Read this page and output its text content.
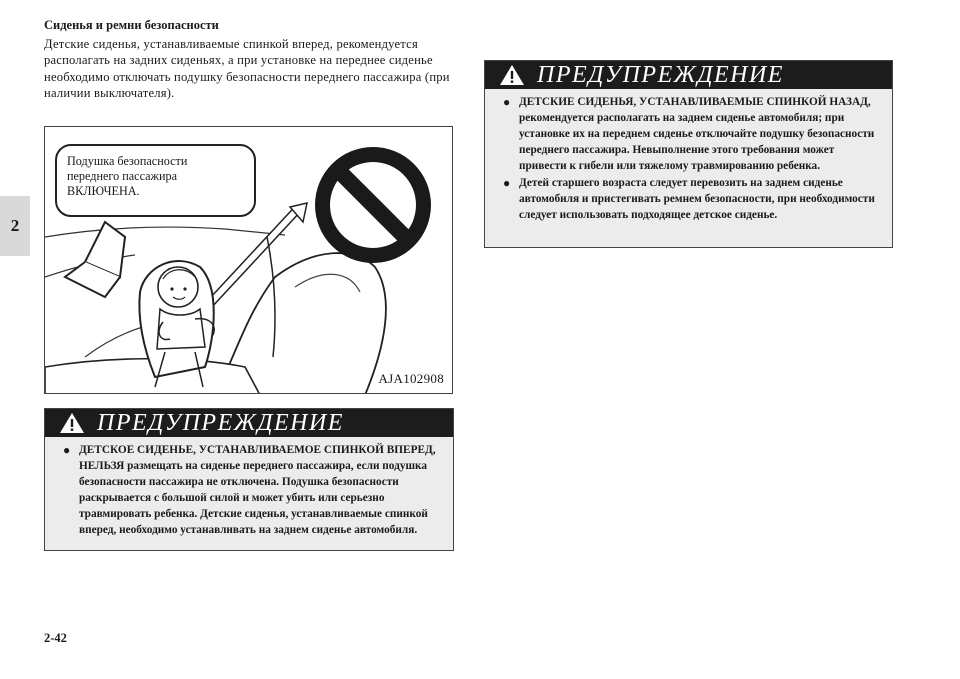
Сиденья и ремни безопасности
2

Детские сиденья, устанавливаемые спинкой вперед, рекомендуется располагать на задних сиденьях, а при установке на переднее сиденье необходимо отключать подушку безопасности переднего пассажира (при наличии выключателя).

Подушка безопасности
переднего пассажира
ВКЛЮЧЕНА.
AJA102908
ПРЕДУПРЕЖДЕНИЕ
● ДЕТСКОЕ СИДЕНЬЕ, УСТАНАВЛИВАЕМОЕ СПИНКОЙ ВПЕРЕД, НЕЛЬЗЯ размещать на сиденье переднего пассажира, если подушка безопасности пассажира не отключена. Подушка безопасности раскрывается с большой силой и может убить или серьезно травмировать ребенка. Детские сиденья, устанавливаемые спинкой вперед, необходимо устанавливать на заднем сиденье автомобиля.
ПРЕДУПРЕЖДЕНИЕ
● ДЕТСКИЕ СИДЕНЬЯ, УСТАНАВЛИВАЕМЫЕ СПИНКОЙ НАЗАД, рекомендуется располагать на заднем сиденье автомобиля; при установке их на переднем сиденье отключайте подушку безопасности переднего пассажира. Невыполнение этого требования может привести к гибели или тяжелому травмированию ребенка.
● Детей старшего возраста следует перевозить на заднем сиденье автомобиля и пристегивать ремнем безопасности, при необходимости следует использовать подходящее детское сиденье.
2-42
